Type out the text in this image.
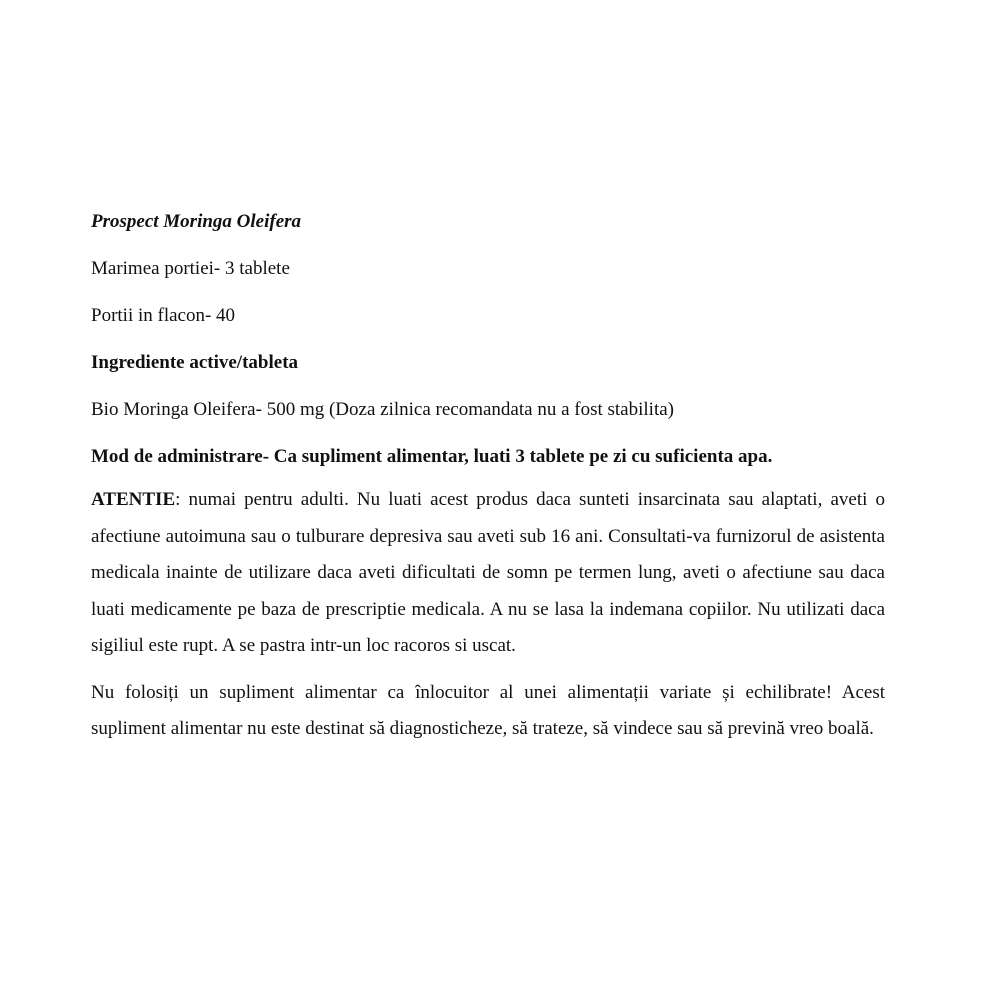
Prospect Moringa Oleifera

Marimea portiei- 3 tablete

Portii in flacon- 40

Ingrediente active/tableta

Bio Moringa Oleifera- 500 mg (Doza zilnica recomandata nu a fost stabilita)

Mod de administrare- Ca supliment alimentar, luati 3 tablete pe zi cu suficienta apa.

ATENTIE: numai pentru adulti. Nu luati acest produs daca sunteti insarcinata sau alaptati, aveti o afectiune autoimuna sau o tulburare depresiva sau aveti sub 16 ani. Consultati-va furnizorul de asistenta medicala inainte de utilizare daca aveti dificultati de somn pe termen lung, aveti o afectiune sau daca luati medicamente pe baza de prescriptie medicala. A nu se lasa la indemana copiilor. Nu utilizati daca sigiliul este rupt. A se pastra intr-un loc racoros si uscat.

Nu folosiți un supliment alimentar ca înlocuitor al unei alimentații variate și echilibrate! Acest supliment alimentar nu este destinat să diagnosticheze, să trateze, să vindece sau să prevină vreo boală.
